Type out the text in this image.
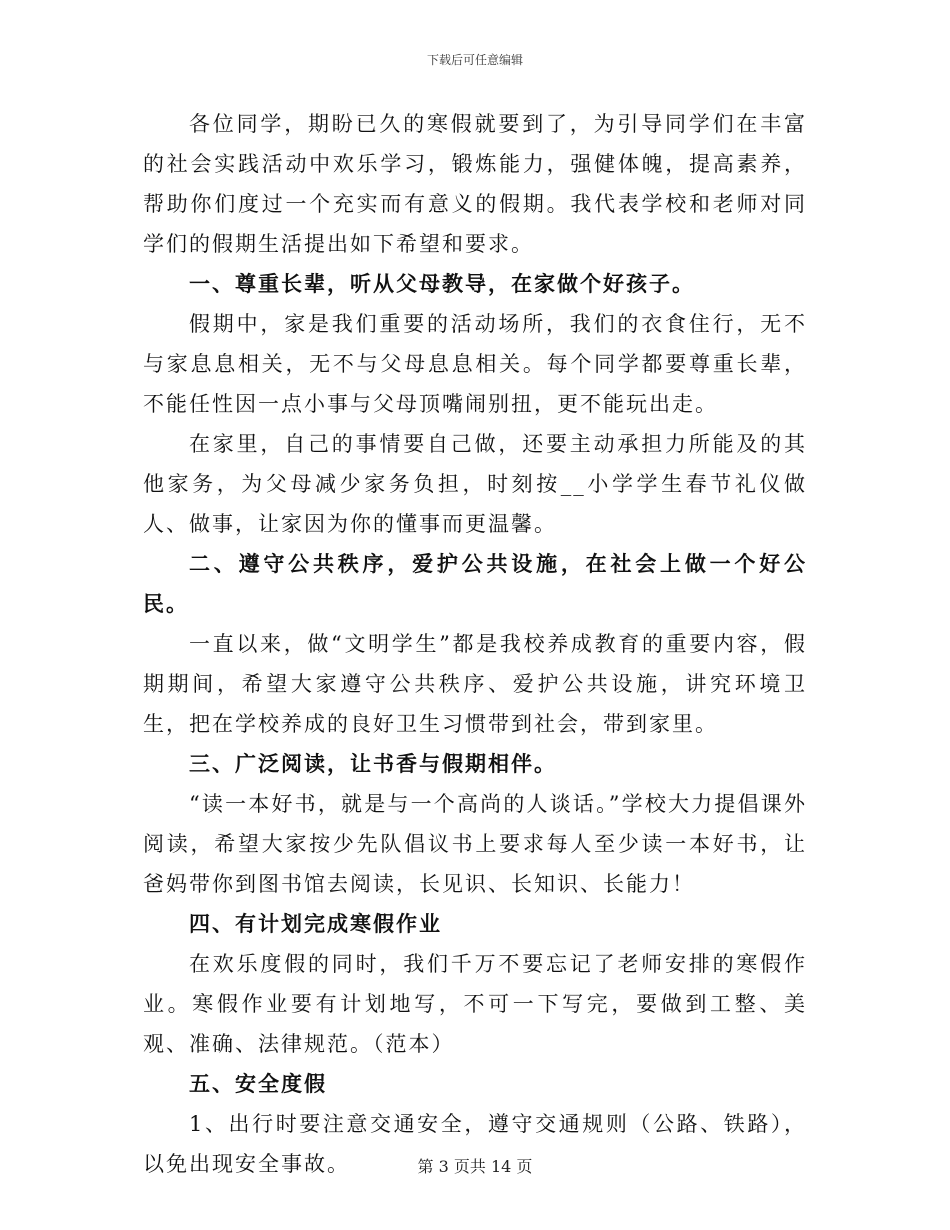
下载后可任意编辑

各位同学，期盼已久的寒假就要到了，为引导同学们在丰富的社会实践活动中欢乐学习，锻炼能力，强健体魄，提高素养，帮助你们度过一个充实而有意义的假期。我代表学校和老师对同学们的假期生活提出如下希望和要求。

一、尊重长辈，听从父母教导，在家做个好孩子。

假期中，家是我们重要的活动场所，我们的衣食住行，无不与家息息相关，无不与父母息息相关。每个同学都要尊重长辈，不能任性因一点小事与父母顶嘴闹别扭，更不能玩出走。

在家里，自己的事情要自己做，还要主动承担力所能及的其他家务，为父母减少家务负担，时刻按__小学学生春节礼仪做人、做事，让家因为你的懂事而更温馨。

二、遵守公共秩序，爱护公共设施，在社会上做一个好公民。

一直以来，做“文明学生”都是我校养成教育的重要内容，假期期间，希望大家遵守公共秩序、爱护公共设施，讲究环境卫生，把在学校养成的良好卫生习惯带到社会，带到家里。

三、广泛阅读，让书香与假期相伴。

“读一本好书，就是与一个高尚的人谈话。”学校大力提倡课外阅读，希望大家按少先队倡议书上要求每人至少读一本好书，让爸妈带你到图书馆去阅读，长见识、长知识、长能力！

四、有计划完成寒假作业

在欢乐度假的同时，我们千万不要忘记了老师安排的寒假作业。寒假作业要有计划地写，不可一下写完，要做到工整、美观、准确、法律规范。（范本）

五、安全度假

1、出行时要注意交通安全，遵守交通规则（公路、铁路），以免出现安全事故。	第 3 页共 14 页
